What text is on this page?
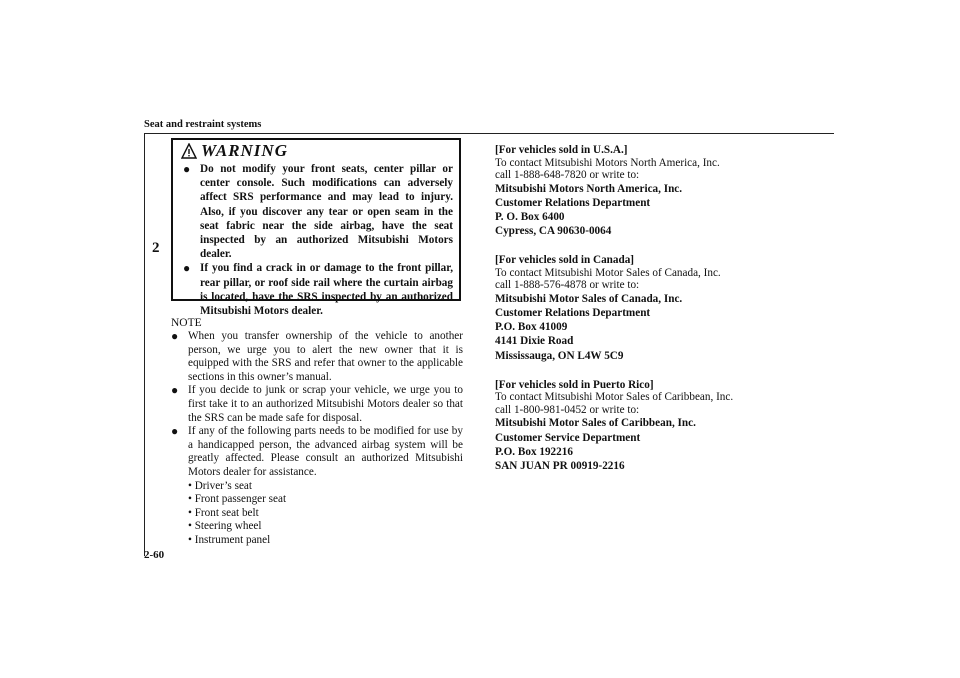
Seat and restraint systems
2
2-60
WARNING
● Do not modify your front seats, center pillar or center console. Such modifications can adversely affect SRS performance and may lead to injury. Also, if you discover any tear or open seam in the seat fabric near the side airbag, have the seat inspected by an authorized Mitsubishi Motors dealer.
● If you find a crack in or damage to the front pillar, rear pillar, or roof side rail where the curtain airbag is located, have the SRS inspected by an authorized Mitsubishi Motors dealer.
NOTE
● When you transfer ownership of the vehicle to another person, we urge you to alert the new owner that it is equipped with the SRS and refer that owner to the applicable sections in this owner’s manual.
● If you decide to junk or scrap your vehicle, we urge you to first take it to an authorized Mitsubishi Motors dealer so that the SRS can be made safe for disposal.
● If any of the following parts needs to be modified for use by a handicapped person, the advanced airbag system will be greatly affected. Please consult an authorized Mitsubishi Motors dealer for assistance.
• Driver’s seat
• Front passenger seat
• Front seat belt
• Steering wheel
• Instrument panel
[For vehicles sold in U.S.A.]
To contact Mitsubishi Motors North America, Inc.
call 1-888-648-7820 or write to:
Mitsubishi Motors North America, Inc.
Customer Relations Department
P. O. Box 6400
Cypress, CA 90630-0064
[For vehicles sold in Canada]
To contact Mitsubishi Motor Sales of Canada, Inc.
call 1-888-576-4878 or write to:
Mitsubishi Motor Sales of Canada, Inc.
Customer Relations Department
P.O. Box 41009
4141 Dixie Road
Mississauga, ON L4W 5C9
[For vehicles sold in Puerto Rico]
To contact Mitsubishi Motor Sales of Caribbean, Inc.
call 1-800-981-0452 or write to:
Mitsubishi Motor Sales of Caribbean, Inc.
Customer Service Department
P.O. Box 192216
SAN JUAN PR 00919-2216
